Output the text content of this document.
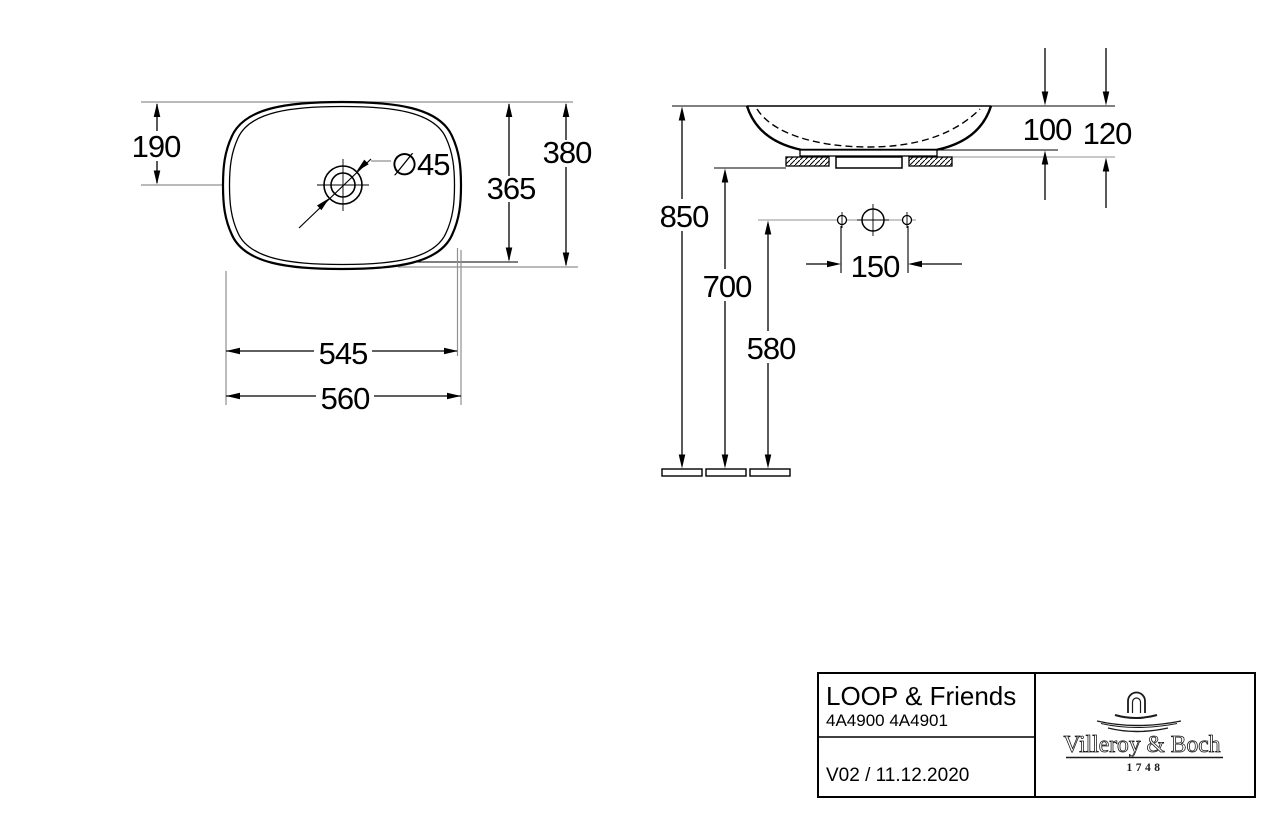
190	380
365
∅45
545
560
850
700
580
150
100 120
LOOP & Friends
4A4900 4A4901
V02 / 11.12.2020
Villeroy & Boch
1748
